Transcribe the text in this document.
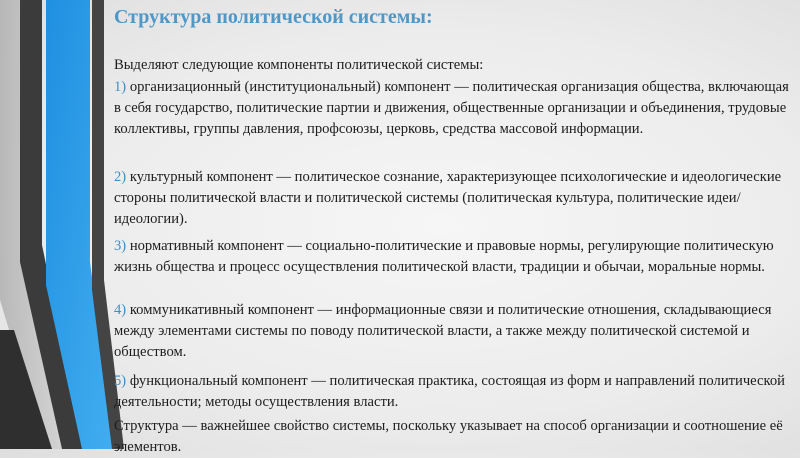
Структура политической системы:
Выделяют следующие компоненты политической системы:
1) организационный (институциональный) компонент — политическая организация общества, включающая в себя государство, политические партии и движения, общественные организации и объединения, трудовые коллективы, группы давления, профсоюзы, церковь, средства массовой информации.
2) культурный компонент — политическое сознание, характеризующее психологические и идеологические стороны политической власти и политической системы (политическая культура, политические идеи/идеологии).
3) нормативный компонент — социально-политические и правовые нормы, регулирующие политическую жизнь общества и процесс осуществления политической власти, традиции и обычаи, моральные нормы.
4) коммуникативный компонент — информационные связи и политические отношения, складывающиеся между элементами системы по поводу политической власти, а также между политической системой и обществом.
5) функциональный компонент — политическая практика, состоящая из форм и направлений политической деятельности; методы осуществления власти.
Структура — важнейшее свойство системы, поскольку указывает на способ организации и соотношение её элементов.
